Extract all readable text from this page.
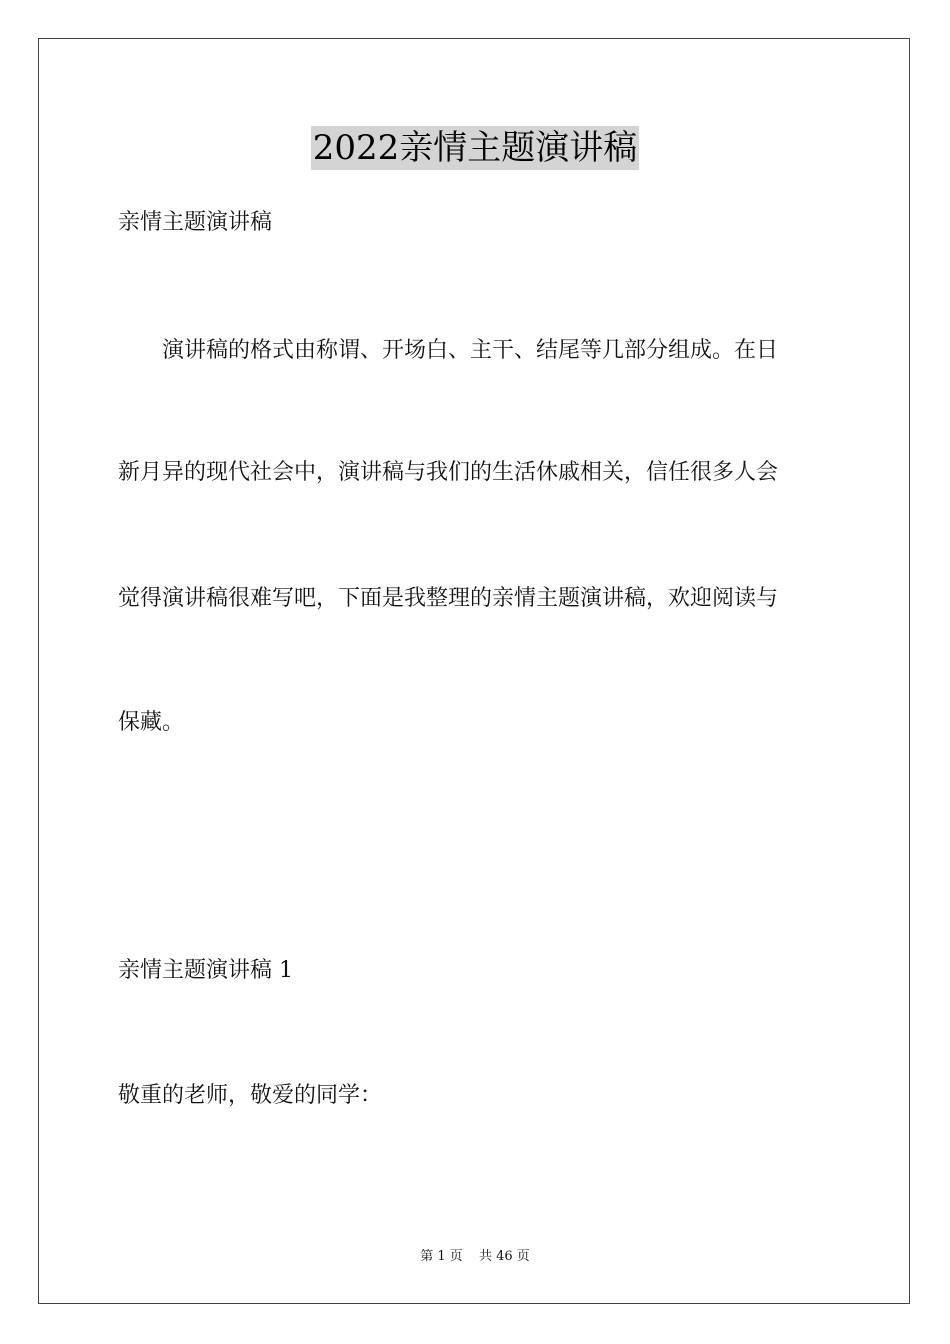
2022亲情主题演讲稿
亲情主题演讲稿
演讲稿的格式由称谓、开场白、主干、结尾等几部分组成。在日
新月异的现代社会中，演讲稿与我们的生活休戚相关，信任很多人会
觉得演讲稿很难写吧，下面是我整理的亲情主题演讲稿，欢迎阅读与
保藏。
亲情主题演讲稿 1
敬重的老师，敬爱的同学：
第 1 页 共 46 页
